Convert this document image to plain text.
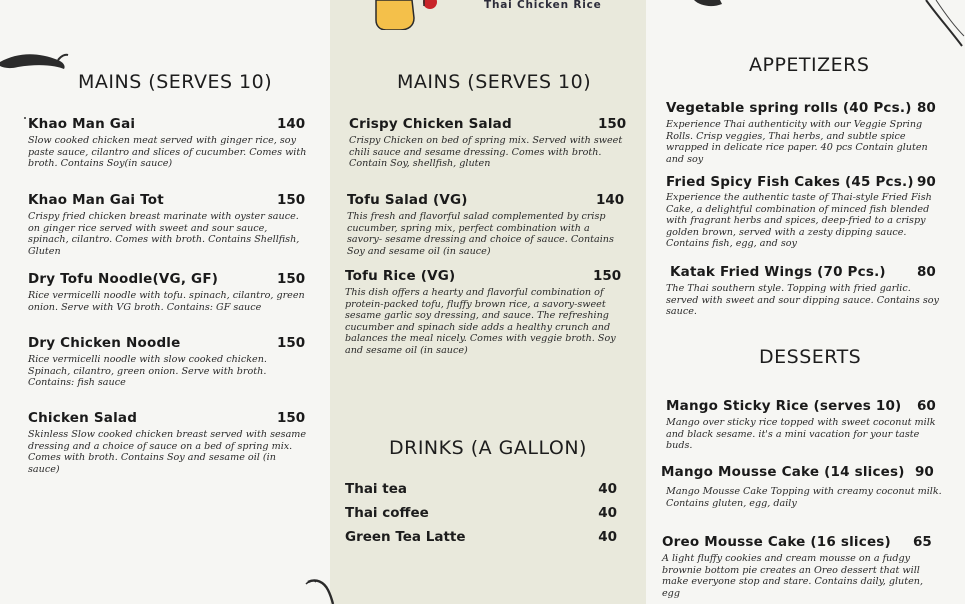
Thai Chicken Rice
MAINS (SERVES 10)	MAINS (SERVES 10)
DRINKS (A GALLON)
APPETIZERS
DESSERTS
Khao Man Gai	140
Slow cooked chicken meat served with ginger rice, soy
paste sauce, cilantro and slices of cucumber. Comes with
broth. Contains Soy(in sauce)
Khao Man Gai Tot	150
Crispy fried chicken breast marinate with oyster sauce.
on ginger rice served with sweet and sour sauce,
spinach, cilantro. Comes with broth. Contains Shellfish,
Gluten
Dry Tofu Noodle(VG, GF)	150
Rice vermicelli noodle with tofu. spinach, cilantro, green
onion. Serve with VG broth. Contains: GF sauce
Dry Chicken Noodle	150
Rice vermicelli noodle with slow cooked chicken.
Spinach, cilantro, green onion. Serve with broth.
Contains: fish sauce
Chicken Salad	150
Skinless Slow cooked chicken breast served with sesame
dressing and a choice of sauce on a bed of spring mix.
Comes with broth. Contains Soy and sesame oil (in
sauce)
Crispy Chicken Salad	150
Crispy Chicken on bed of spring mix. Served with sweet
chili sauce and sesame dressing. Comes with broth.
Contain Soy, shellfish, gluten
Tofu Salad (VG)	140
This fresh and flavorful salad complemented by crisp
cucumber, spring mix, perfect combination with a
savory- sesame dressing and choice of sauce. Contains
Soy and sesame oil (in sauce)
Tofu Rice (VG)	150
This dish offers a hearty and flavorful combination of
protein-packed tofu, fluffy brown rice, a savory-sweet
sesame garlic soy dressing, and sauce. The refreshing
cucumber and spinach side adds a healthy crunch and
balances the meal nicely. Comes with veggie broth. Soy
and sesame oil (in sauce)
Thai tea	40
Thai coffee	40
Green Tea Latte	40
Vegetable spring rolls (40 Pcs.) 80
Experience Thai authenticity with our Veggie Spring
Rolls. Crisp veggies, Thai herbs, and subtle spice
wrapped in delicate rice paper. 40 pcs Contain gluten
and soy
Fried Spicy Fish Cakes (45 Pcs.) 90
Experience the authentic taste of Thai-style Fried Fish
Cake, a delightful combination of minced fish blended
with fragrant herbs and spices, deep-fried to a crispy
golden brown, served with a zesty dipping sauce.
Contains fish, egg, and soy
Katak Fried Wings (70 Pcs.) 80
The Thai southern style. Topping with fried garlic.
served with sweet and sour dipping sauce. Contains soy
sauce.
Mango Sticky Rice (serves 10) 60
Mango over sticky rice topped with sweet coconut milk
and black sesame. it's a mini vacation for your taste
buds.
Mango Mousse Cake (14 slices) 90
Mango Mousse Cake Topping with creamy coconut milk.
Contains gluten, egg, daily
Oreo Mousse Cake (16 slices) 65
A light fluffy cookies and cream mousse on a fudgy
brownie bottom pie creates an Oreo dessert that will
make everyone stop and stare. Contains daily, gluten,
egg
